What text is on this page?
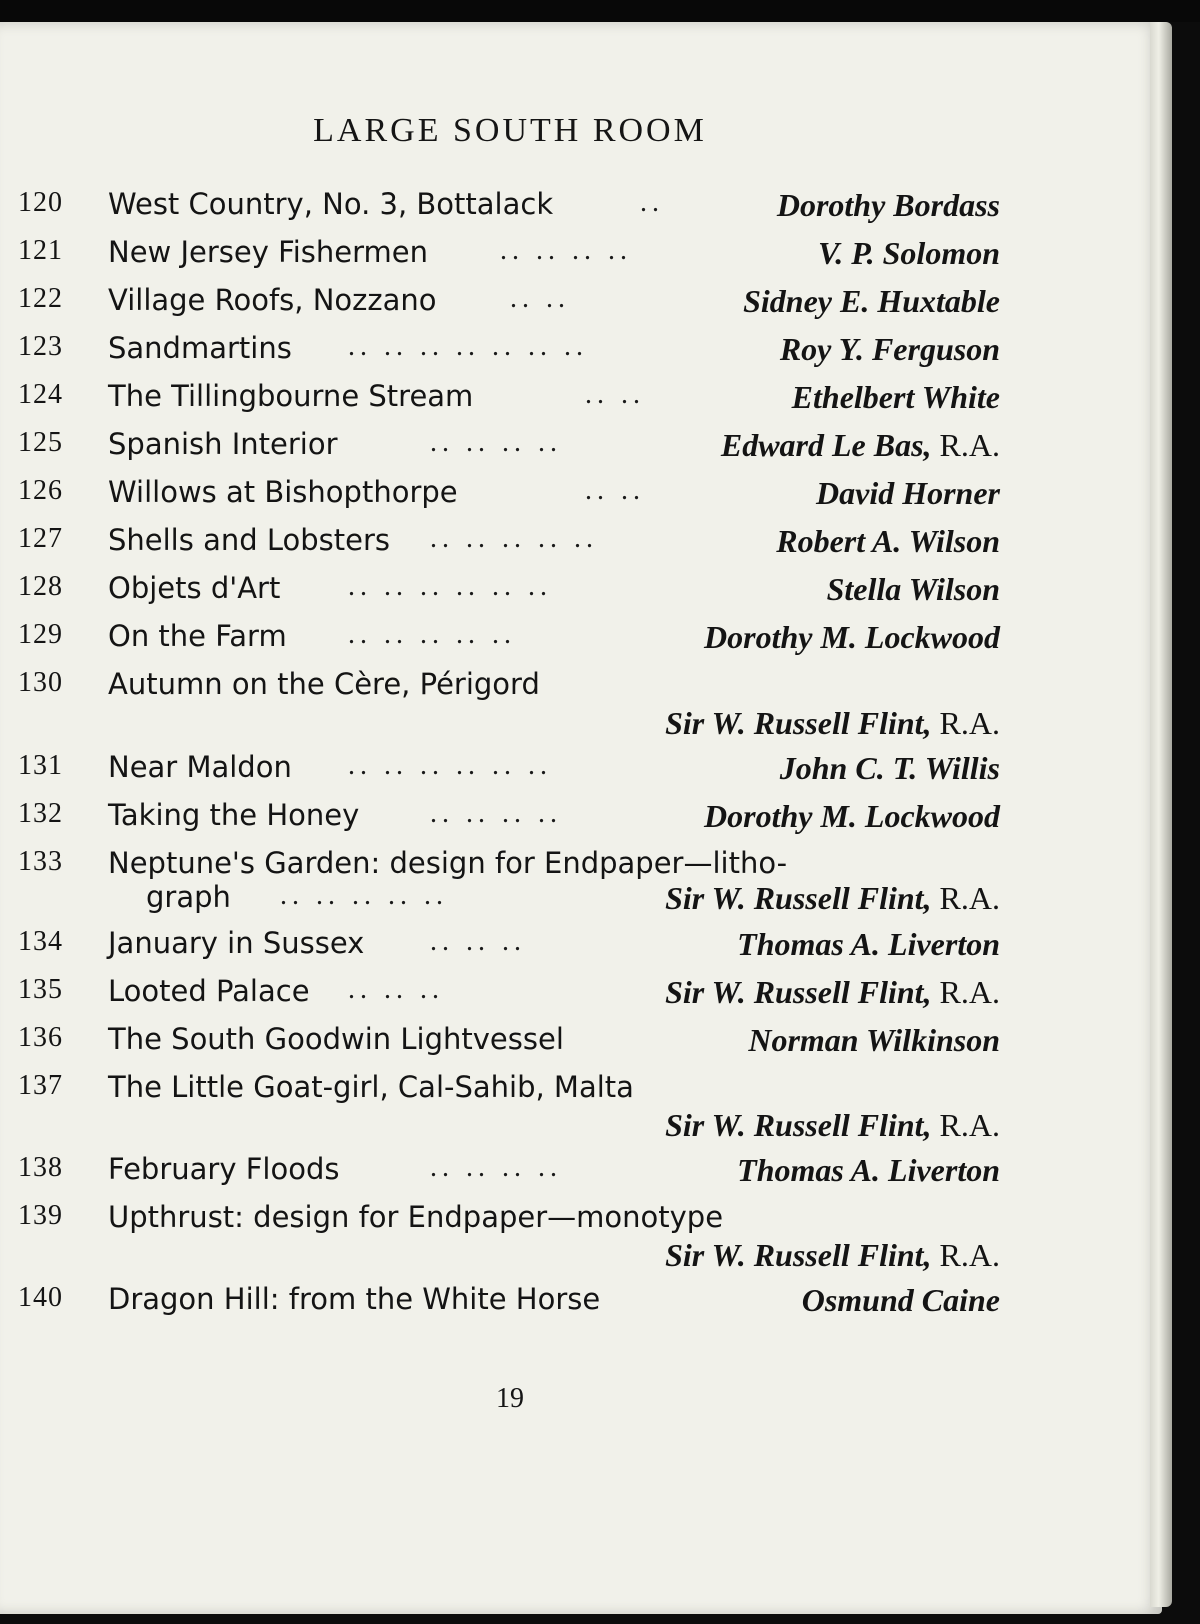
LARGE SOUTH ROOM
120 West Country, No. 3, Bottalack	..	Dorothy Bordass
121 New Jersey Fishermen	.. .. .. ..	V. P. Solomon
122 Village Roofs, Nozzano	.. ..	Sidney E. Huxtable
123 Sandmartins .. .. .. .. .. .. ..	Roy Y. Ferguson
124 The Tillingbourne Stream	.. ..	Ethelbert White
125 Spanish Interior	.. .. .. ..	Edward Le Bas, R.A.
126 Willows at Bishopthorpe	.. ..	David Horner
127 Shells and Lobsters .. .. .. .. ..	Robert A. Wilson
128 Objets d'Art .. .. .. .. .. ..	Stella Wilson
129 On the Farm .. .. .. .. ..	Dorothy M. Lockwood
130 Autumn on the Cère, Périgord
Sir W. Russell Flint, R.A.
131 Near Maldon .. .. .. .. .. ..	John C. T. Willis
132 Taking the Honey	.. .. .. ..	Dorothy M. Lockwood
133 Neptune's Garden: design for Endpaper—litho-
graph .. .. .. .. ..	Sir W. Russell Flint, R.A.
134 January in Sussex .. .. ..	Thomas A. Liverton
135 Looted Palace .. .. ..	Sir W. Russell Flint, R.A.
136 The South Goodwin Lightvessel	Norman Wilkinson
137 The Little Goat-girl, Cal-Sahib, Malta
Sir W. Russell Flint, R.A.
138 February Floods	.. .. .. ..	Thomas A. Liverton
139 Upthrust: design for Endpaper—monotype
Sir W. Russell Flint, R.A.
140 Dragon Hill: from the White Horse	Osmund Caine
19
